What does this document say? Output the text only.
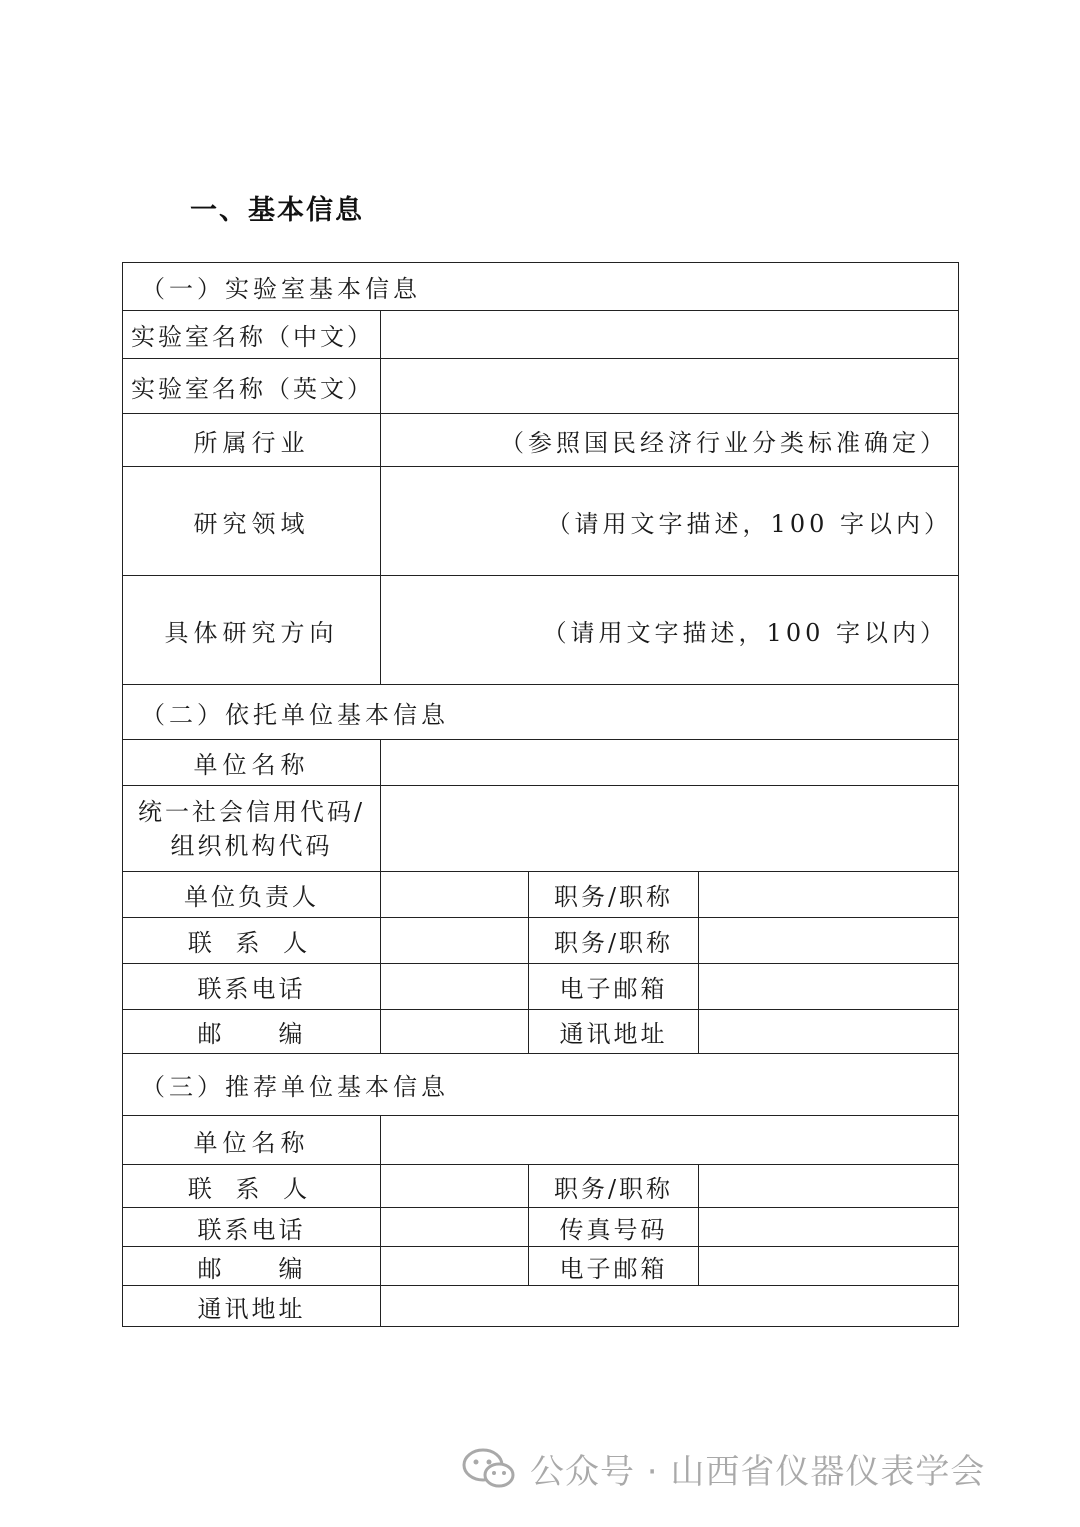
一、基本信息
（一）实验室基本信息			
实验室名称（中文）			
实验室名称（英文）			
所属行业	（参照国民经济行业分类标准确定）		
研究领域	（请用文字描述，100 字以内）		
具体研究方向	（请用文字描述，100 字以内）		
（二）依托单位基本信息			
单位名称			
统一社会信用代码/组织机构代码			
单位负责人		职务/职称	
联 系 人		职务/职称	
联系电话		电子邮箱	
邮　　编		通讯地址	
（三）推荐单位基本信息			
单位名称			
联 系 人		职务/职称	
联系电话		传真号码	
邮　　编		电子邮箱	
通讯地址			
公众号 · 山西省仪器仪表学会
